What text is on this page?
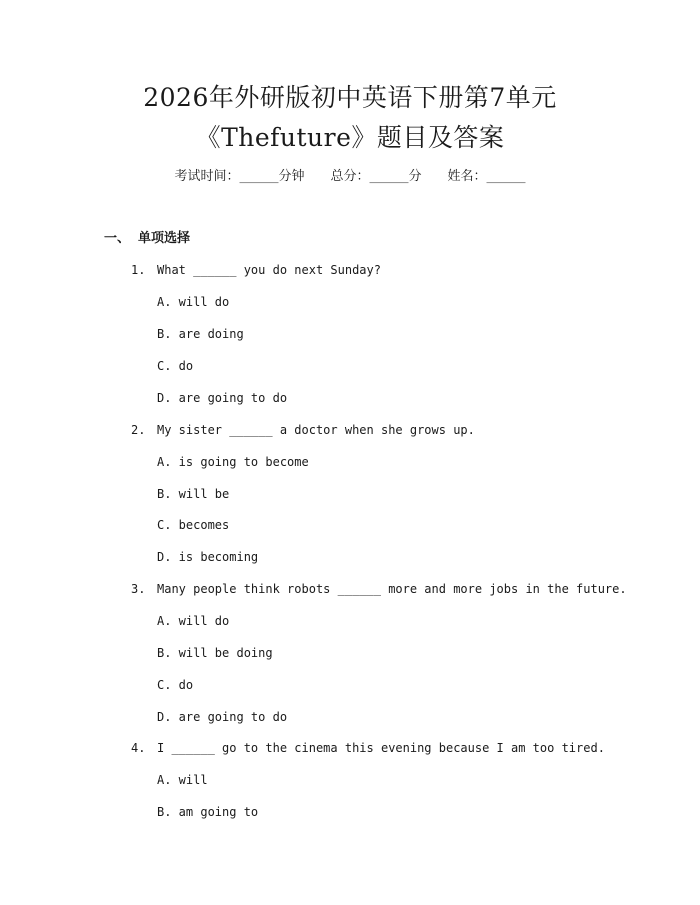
2026年外研版初中英语下册第7单元
《Thefuture》题目及答案
考试时间：______分钟 总分：______分 姓名：______
一、 单项选择
1. What ______ you do next Sunday?
A. will do
B. are doing
C. do
D. are going to do
2. My sister ______ a doctor when she grows up.
A. is going to become
B. will be
C. becomes
D. is becoming
3. Many people think robots ______ more and more jobs in the future.
A. will do
B. will be doing
C. do
D. are going to do
4. I ______ go to the cinema this evening because I am too tired.
A. will
B. am going to
